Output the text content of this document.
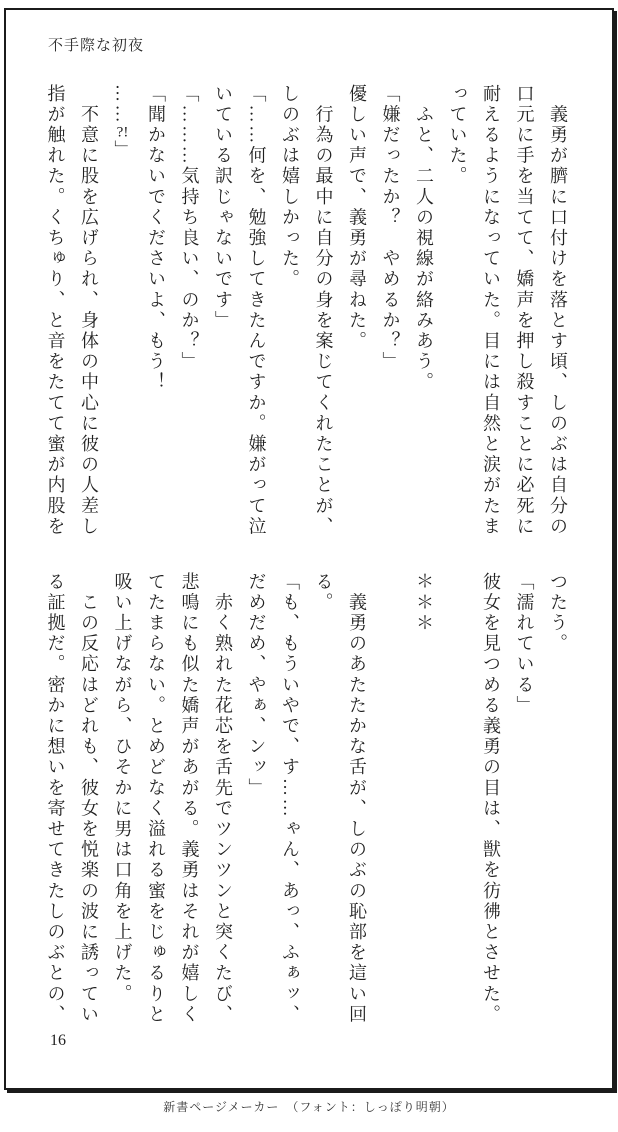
不手際な初夜
　義勇が臍に口付けを落とす頃、しのぶは自分の
口元に手を当てて、嬌声を押し殺すことに必死に
耐えるようになっていた。目には自然と涙がたま
っていた。
　ふと、二人の視線が絡みあう。
「嫌だったか？　やめるか？」
優しい声で、義勇が尋ねた。
　行為の最中に自分の身を案じてくれたことが、
しのぶは嬉しかった。
「……何を、勉強してきたんですか。嫌がって泣
いている訳じゃないです」
「………気持ち良い、のか？」
「聞かないでくださいよ、もう！
……?!」
　不意に股を広げられ、身体の中心に彼の人差し
指が触れた。くちゅり、と音をたてて蜜が内股を
つたう。
「濡れている」
彼女を見つめる義勇の目は、獣を彷彿とさせた。

＊＊＊

　義勇のあたたかな舌が、しのぶの恥部を這い回
る。
「も、もういやで、す……ゃん、あっ、ふぁッ、
だめだめ、やぁ、ンッ」
　赤く熟れた花芯を舌先でツンツンと突くたび、
悲鳴にも似た嬌声があがる。義勇はそれが嬉しく
てたまらない。とめどなく溢れる蜜をじゅるりと
吸い上げながら、ひそかに男は口角を上げた。
　この反応はどれも、彼女を悦楽の波に誘ってい
る証拠だ。密かに想いを寄せてきたしのぶとの、
16
新書ページメーカー　（フォント：しっぽり明朝）
